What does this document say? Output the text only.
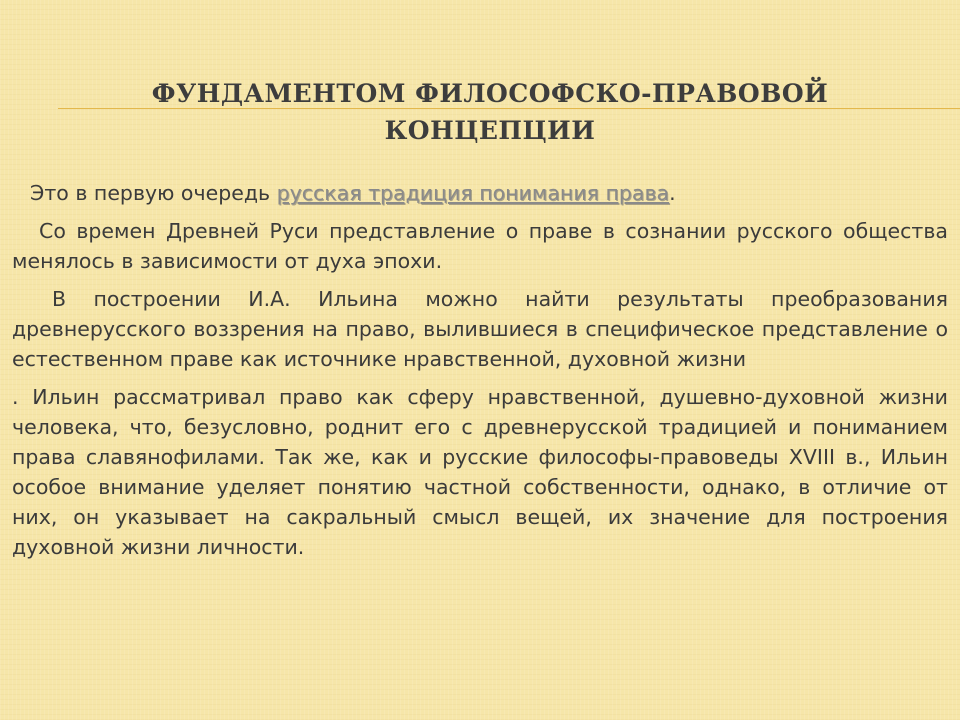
ФУНДАМЕНТОМ ФИЛОСОФСКО-ПРАВОВОЙ КОНЦЕПЦИИ

Это в первую очередь русская традиция понимания права.

Со времен Древней Руси представление о праве в сознании русского общества менялось в зависимости от духа эпохи.

В построении И.А. Ильина можно найти результаты преобразования древнерусского воззрения на право, вылившиеся в специфическое представление о естественном праве как источнике нравственной, духовной жизни

. Ильин рассматривал право как сферу нравственной, душевно-духовной жизни человека, что, безусловно, роднит его с древнерусской традицией и пониманием права славянофилами. Так же, как и русские философы-правоведы XVIII в., Ильин особое внимание уделяет понятию частной собственности, однако, в отличие от них, он указывает на сакральный смысл вещей, их значение для построения духовной жизни личности.
